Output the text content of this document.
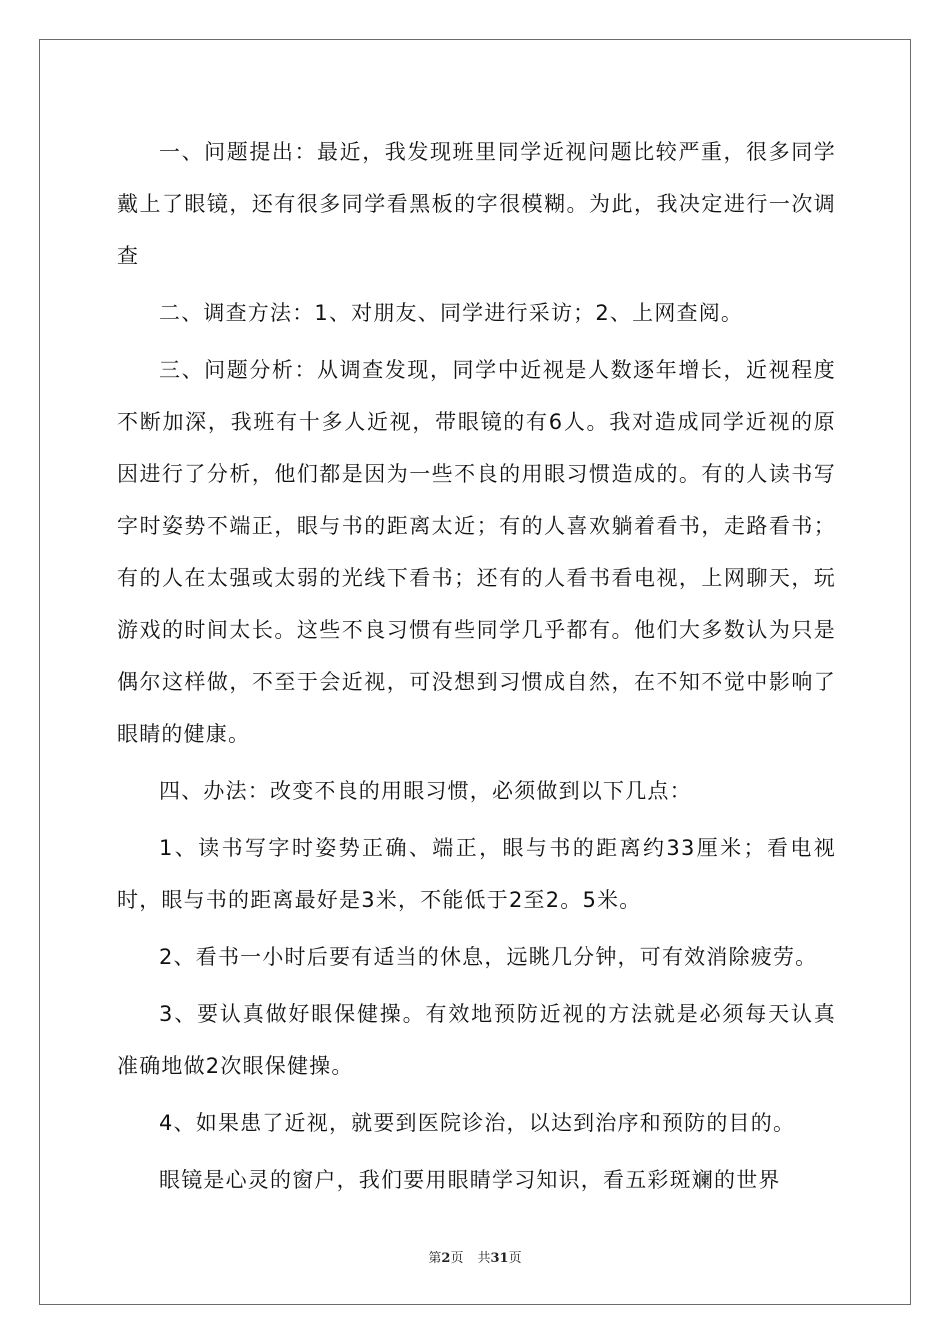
一、问题提出：最近，我发现班里同学近视问题比较严重，很多同学戴上了眼镜，还有很多同学看黑板的字很模糊。为此，我决定进行一次调查

二、调查方法：1、对朋友、同学进行采访；2、上网查阅。

三、问题分析：从调查发现，同学中近视是人数逐年增长，近视程度不断加深，我班有十多人近视，带眼镜的有6人。我对造成同学近视的原因进行了分析，他们都是因为一些不良的用眼习惯造成的。有的人读书写字时姿势不端正，眼与书的距离太近；有的人喜欢躺着看书，走路看书；有的人在太强或太弱的光线下看书；还有的人看书看电视，上网聊天，玩游戏的时间太长。这些不良习惯有些同学几乎都有。他们大多数认为只是偶尔这样做，不至于会近视，可没想到习惯成自然，在不知不觉中影响了眼睛的健康。

四、办法：改变不良的用眼习惯，必须做到以下几点：

1、读书写字时姿势正确、端正，眼与书的距离约33厘米；看电视时，眼与书的距离最好是3米，不能低于2至2。5米。

2、看书一小时后要有适当的休息，远眺几分钟，可有效消除疲劳。

3、要认真做好眼保健操。有效地预防近视的方法就是必须每天认真准确地做2次眼保健操。

4、如果患了近视，就要到医院诊治，以达到治序和预防的目的。

眼镜是心灵的窗户，我们要用眼睛学习知识，看五彩斑斓的世界

第2页 共31页
